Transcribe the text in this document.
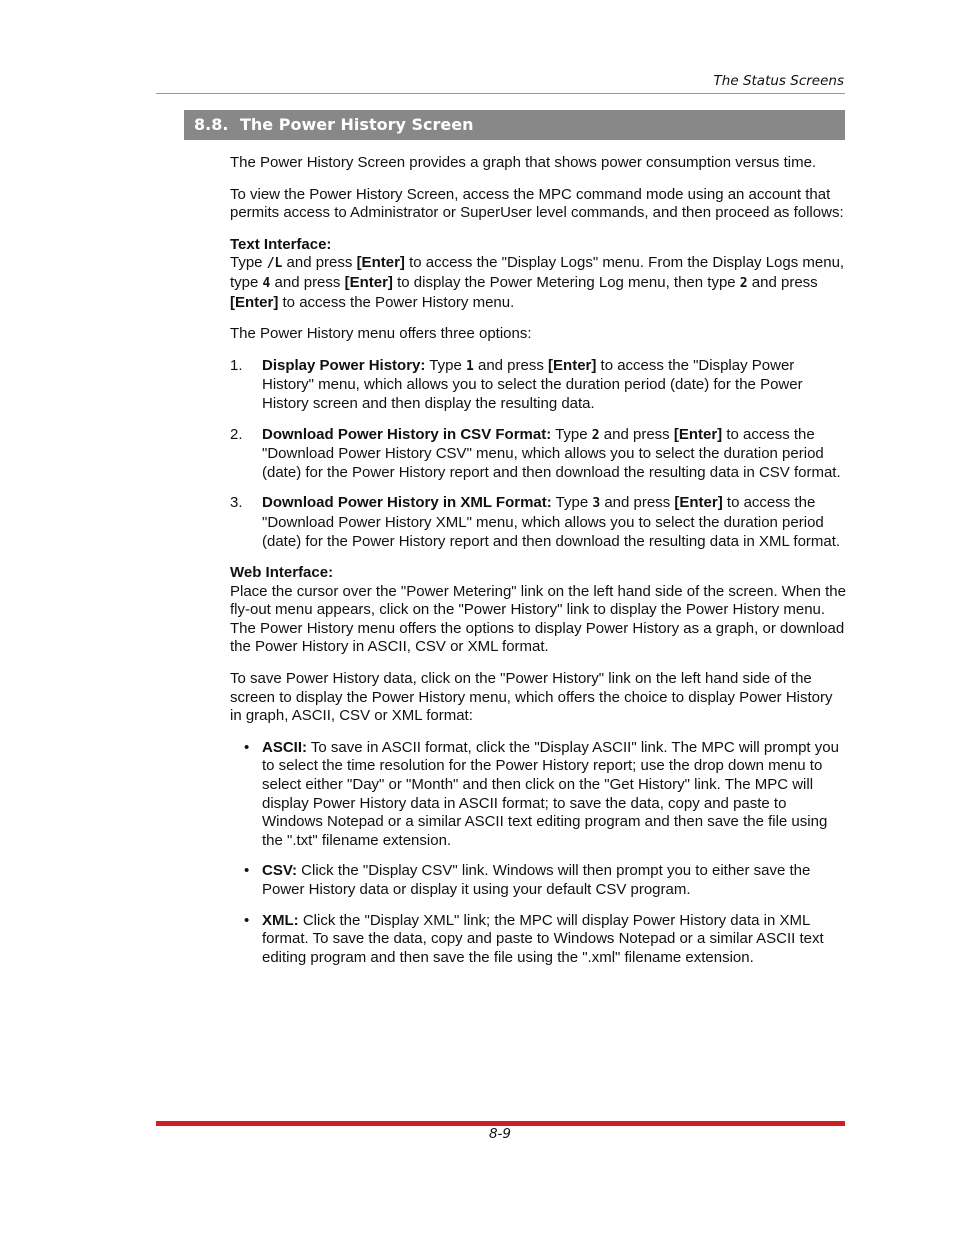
The Status Screens
8.8. The Power History Screen

The Power History Screen provides a graph that shows power consumption versus time.

To view the Power History Screen, access the MPC command mode using an account that permits access to Administrator or SuperUser level commands, and then proceed as follows:

Text Interface:
Type /L and press [Enter] to access the "Display Logs" menu. From the Display Logs menu, type 4 and press [Enter] to display the Power Metering Log menu, then type 2 and press [Enter] to access the Power History menu.

The Power History menu offers three options:

1. Display Power History: Type 1 and press [Enter] to access the "Display Power History" menu, which allows you to select the duration period (date) for the Power History screen and then display the resulting data.
2. Download Power History in CSV Format: Type 2 and press [Enter] to access the "Download Power History CSV" menu, which allows you to select the duration period (date) for the Power History report and then download the resulting data in CSV format.
3. Download Power History in XML Format: Type 3 and press [Enter] to access the "Download Power History XML" menu, which allows you to select the duration period (date) for the Power History report and then download the resulting data in XML format.

Web Interface:
Place the cursor over the "Power Metering" link on the left hand side of the screen. When the fly-out menu appears, click on the "Power History" link to display the Power History menu. The Power History menu offers the options to display Power History as a graph, or download the Power History in ASCII, CSV or XML format.

To save Power History data, click on the "Power History" link on the left hand side of the screen to display the Power History menu, which offers the choice to display Power History in graph, ASCII, CSV or XML format:

• ASCII: To save in ASCII format, click the "Display ASCII" link. The MPC will prompt you to select the time resolution for the Power History report; use the drop down menu to select either "Day" or "Month" and then click on the "Get History" link. The MPC will display Power History data in ASCII format; to save the data, copy and paste to Windows Notepad or a similar ASCII text editing program and then save the file using the ".txt" filename extension.
• CSV: Click the "Display CSV" link. Windows will then prompt you to either save the Power History data or display it using your default CSV program.
• XML: Click the "Display XML" link; the MPC will display Power History data in XML format. To save the data, copy and paste to Windows Notepad or a similar ASCII text editing program and then save the file using the ".xml" filename extension.
8-9
